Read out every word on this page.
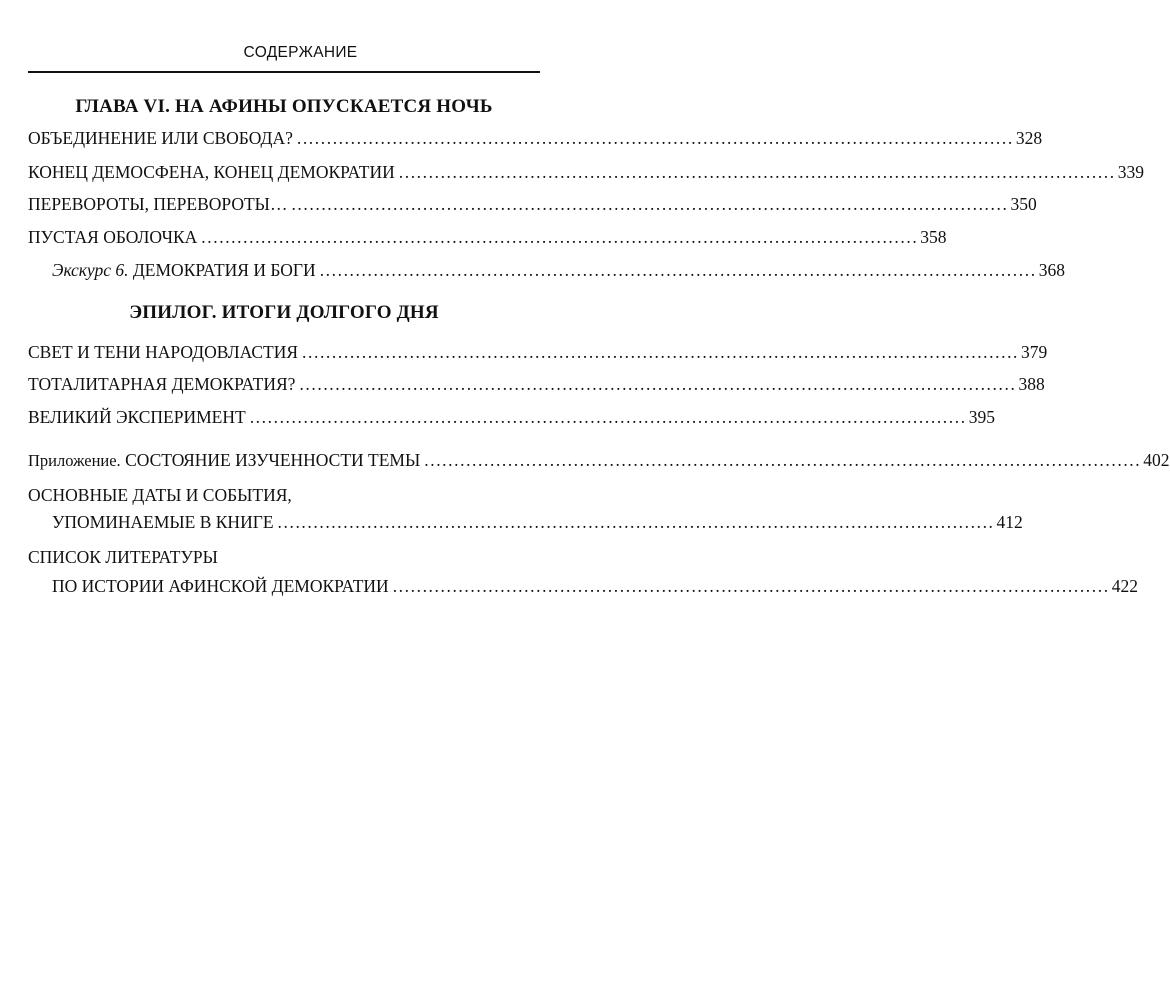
СОДЕРЖАНИЕ
ГЛАВА VI. НА АФИНЫ ОПУСКАЕТСЯ НОЧЬ
ОБЪЕДИНЕНИЕ ИЛИ СВОБОДА? ........................................................................................................................ 328
КОНЕЦ ДЕМОСФЕНА, КОНЕЦ ДЕМОКРАТИИ ........................................................................................................................ 339
ПЕРЕВОРОТЫ, ПЕРЕВОРОТЫ… ........................................................................................................................ 350
ПУСТАЯ ОБОЛОЧКА ........................................................................................................................ 358
Экскурс 6. ДЕМОКРАТИЯ И БОГИ ........................................................................................................................ 368
ЭПИЛОГ. ИТОГИ ДОЛГОГО ДНЯ
СВЕТ И ТЕНИ НАРОДОВЛАСТИЯ ........................................................................................................................ 379
ТОТАЛИТАРНАЯ ДЕМОКРАТИЯ? ........................................................................................................................ 388
ВЕЛИКИЙ ЭКСПЕРИМЕНТ ........................................................................................................................ 395
Приложение. СОСТОЯНИЕ ИЗУЧЕННОСТИ ТЕМЫ ........................................................................................................................ 402
ОСНОВНЫЕ ДАТЫ И СОБЫТИЯ,
УПОМИНАЕМЫЕ В КНИГЕ ........................................................................................................................ 412
СПИСОК ЛИТЕРАТУРЫ
ПО ИСТОРИИ АФИНСКОЙ ДЕМОКРАТИИ ........................................................................................................................ 422
